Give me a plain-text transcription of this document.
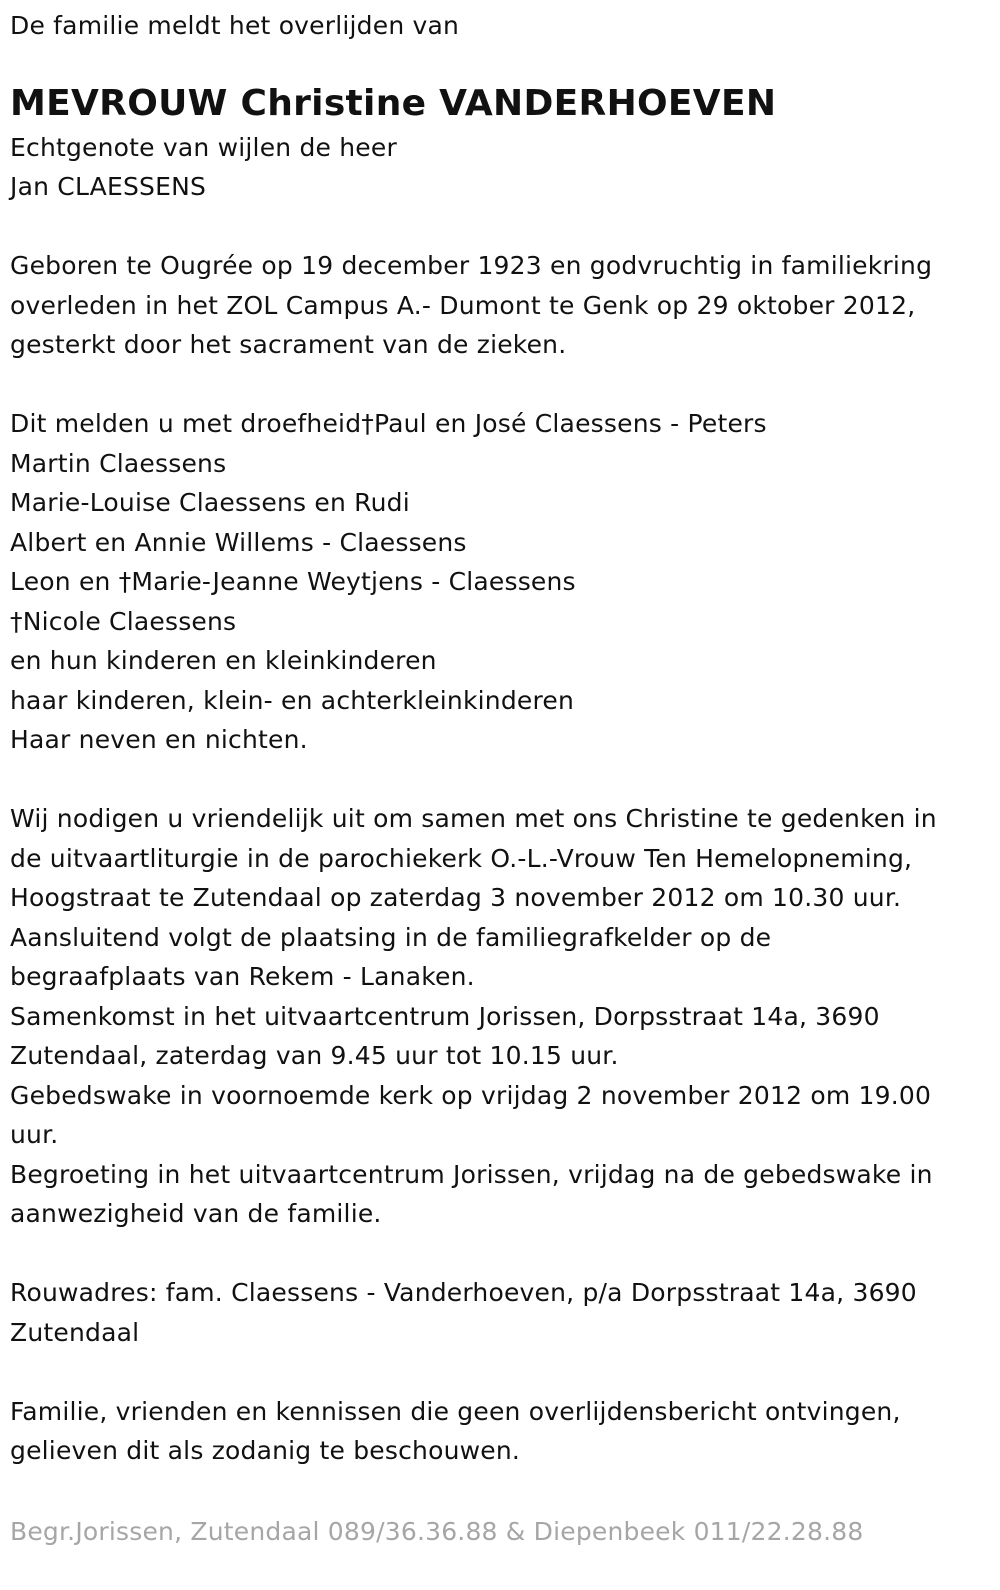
De familie meldt het overlijden van
MEVROUW Christine VANDERHOEVEN
Echtgenote van wijlen de heer
Jan CLAESSENS
Geboren te Ougrée op 19 december 1923 en godvruchtig in familiekring
overleden in het ZOL Campus A.- Dumont te Genk op 29 oktober 2012,
gesterkt door het sacrament van de zieken.
Dit melden u met droefheid†Paul en José Claessens - Peters
Martin Claessens
Marie-Louise Claessens en Rudi
Albert en Annie Willems - Claessens
Leon en †Marie-Jeanne Weytjens - Claessens
†Nicole Claessens
en hun kinderen en kleinkinderen
haar kinderen, klein- en achterkleinkinderen
Haar neven en nichten.
Wij nodigen u vriendelijk uit om samen met ons Christine te gedenken in
de uitvaartliturgie in de parochiekerk O.-L.-Vrouw Ten Hemelopneming,
Hoogstraat te Zutendaal op zaterdag 3 november 2012 om 10.30 uur.
Aansluitend volgt de plaatsing in de familiegrafkelder op de
begraafplaats van Rekem - Lanaken.
Samenkomst in het uitvaartcentrum Jorissen, Dorpsstraat 14a, 3690
Zutendaal, zaterdag van 9.45 uur tot 10.15 uur.
Gebedswake in voornoemde kerk op vrijdag 2 november 2012 om 19.00
uur.
Begroeting in het uitvaartcentrum Jorissen, vrijdag na de gebedswake in
aanwezigheid van de familie.
Rouwadres: fam. Claessens - Vanderhoeven, p/a Dorpsstraat 14a, 3690
Zutendaal
Familie, vrienden en kennissen die geen overlijdensbericht ontvingen,
gelieven dit als zodanig te beschouwen.
Begr.Jorissen, Zutendaal 089/36.36.88 & Diepenbeek 011/22.28.88
